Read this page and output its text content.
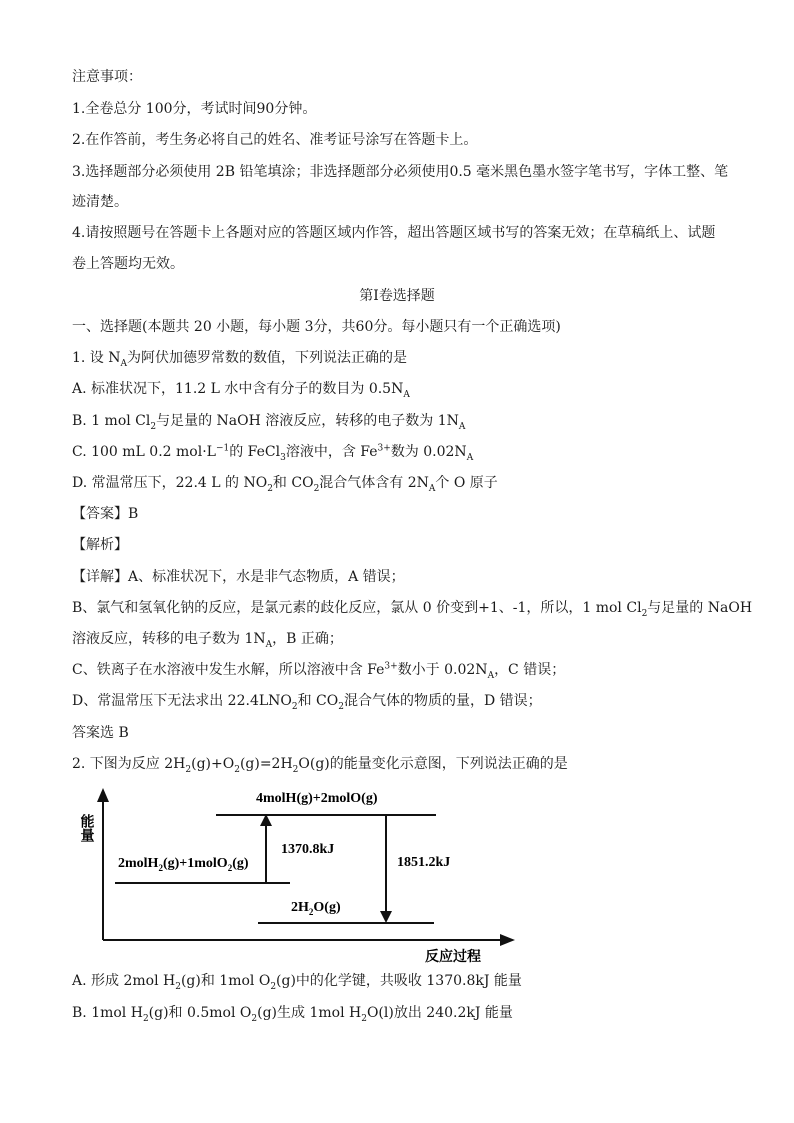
注意事项：
1.全卷总分 100分，考试时间90分钟。
2.在作答前，考生务必将自己的姓名、准考证号涂写在答题卡上。
3.选择题部分必须使用 2B 铅笔填涂；非选择题部分必须使用0.5 毫米黑色墨水签字笔书写，字体工整、笔
迹清楚。
4.请按照题号在答题卡上各题对应的答题区域内作答，超出答题区域书写的答案无效；在草稿纸上、试题
卷上答题均无效。
第Ⅰ卷选择题
一、选择题(本题共 20 小题，每小题 3分，共60分。每小题只有一个正确选项)
1. 设 $N_A$为阿伏加德罗常数的数值，下列说法正确的是
A. 标准状况下，11.2 L 水中含有分子的数目为 $0.5N_A$
B. 1 mol $Cl_2$与足量的 NaOH 溶液反应，转移的电子数为 $1N_A$
C. 100 mL 0.2 $mol\cdot L^{-1}$的 FeCl$_3$溶液中，含 $Fe^{3+}$数为 $0.02N_A$
D. 常温常压下，22.4 L 的 $NO_2$和 $CO_2$混合气体含有 $2N_A$个 O 原子
【答案】B
【解析】
【详解】A、标准状况下，水是非气态物质，A 错误；
B、氯气和氢氧化钠的反应，是氯元素的歧化反应，氯从 0 价变到+1、-1，所以，1 mol $Cl_2$与足量的 NaOH
溶液反应，转移的电子数为 $1N_A$，B 正确；
C、铁离子在水溶液中发生水解，所以溶液中含 $Fe^{3+}$数小于 $0.02N_A$，C 错误；
D、常温常压下无法求出 $22.4LNO_2$和 $CO_2$混合气体的物质的量，D 错误；
答案选 B
2. 下图为反应 $2H_2(g)+O_2(g)=2H_2O(g)$的能量变化示意图，下列说法正确的是
能量
反应过程
4molH(g)+2molO(g)
2molH$_2$(g)+1molO$_2$(g)
$2H_2O(g)$
1370.8kJ
1851.2kJ
A. 形成 2mol $H_2(g)$和 1mol $O_2(g)$中的化学键，共吸收 1370.8kJ 能量
B. 1mol $H_2(g)$和 0.5mol $O_2(g)$生成 1mol $H_2O(l)$放出 240.2kJ 能量
